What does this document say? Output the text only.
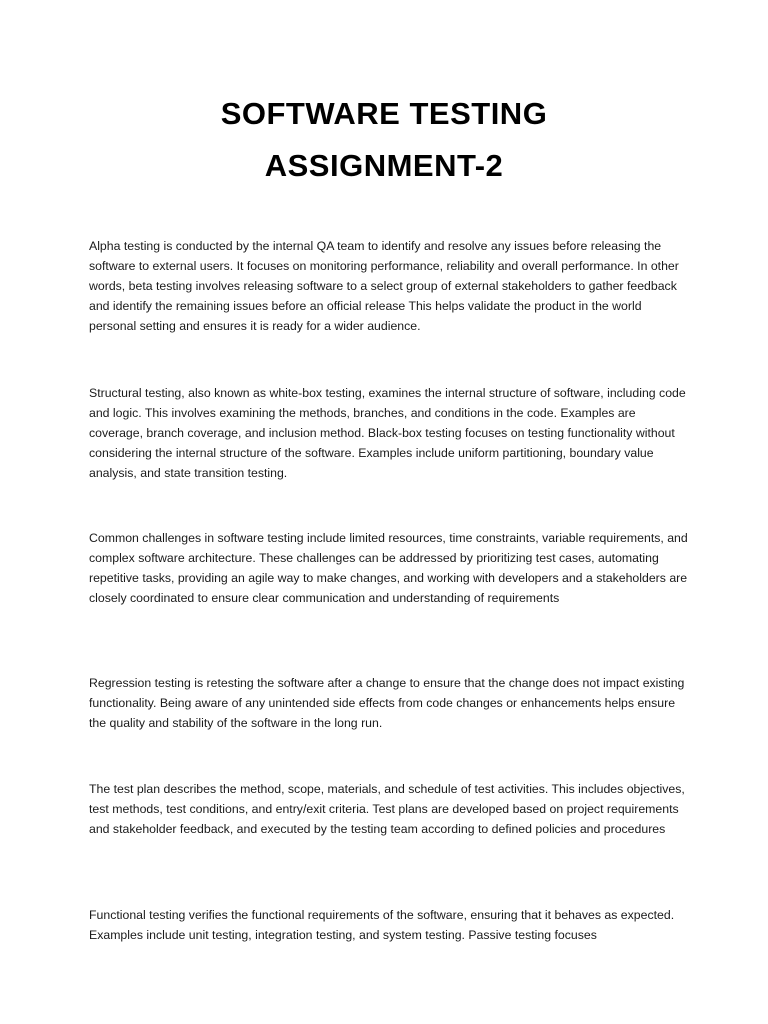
SOFTWARE TESTING
ASSIGNMENT-2

Alpha testing is conducted by the internal QA team to identify and resolve any issues before releasing the software to external users. It focuses on monitoring performance, reliability and overall performance. In other words, beta testing involves releasing software to a select group of external stakeholders to gather feedback and identify the remaining issues before an official release This helps validate the product in the world personal setting and ensures it is ready for a wider audience.

Structural testing, also known as white-box testing, examines the internal structure of software, including code and logic. This involves examining the methods, branches, and conditions in the code. Examples are coverage, branch coverage, and inclusion method. Black-box testing focuses on testing functionality without considering the internal structure of the software. Examples include uniform partitioning, boundary value analysis, and state transition testing.

Common challenges in software testing include limited resources, time constraints, variable requirements, and complex software architecture. These challenges can be addressed by prioritizing test cases, automating repetitive tasks, providing an agile way to make changes, and working with developers and a stakeholders are closely coordinated to ensure clear communication and understanding of requirements

Regression testing is retesting the software after a change to ensure that the change does not impact existing functionality. Being aware of any unintended side effects from code changes or enhancements helps ensure the quality and stability of the software in the long run.

The test plan describes the method, scope, materials, and schedule of test activities. This includes objectives, test methods, test conditions, and entry/exit criteria. Test plans are developed based on project requirements and stakeholder feedback, and executed by the testing team according to defined policies and procedures

Functional testing verifies the functional requirements of the software, ensuring that it behaves as expected. Examples include unit testing, integration testing, and system testing. Passive testing focuses
